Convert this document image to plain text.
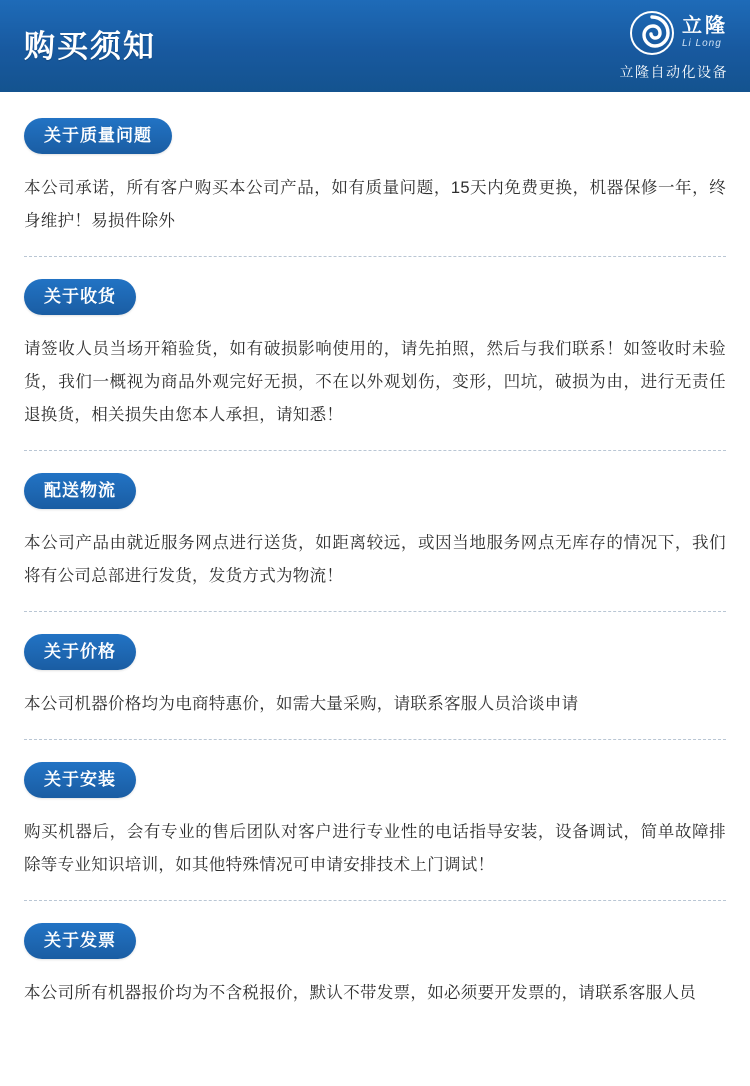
购买须知
立隆
Li Long
立隆自动化设备
关于质量问题

本公司承诺，所有客户购买本公司产品，如有质量问题，15天内免费更换，机器保修一年，终身维护！易损件除外

关于收货

请签收人员当场开箱验货，如有破损影响使用的，请先拍照，然后与我们联系！如签收时未验货，我们一概视为商品外观完好无损，不在以外观划伤，变形，凹坑，破损为由，进行无责任退换货，相关损失由您本人承担，请知悉！

配送物流

本公司产品由就近服务网点进行送货，如距离较远，或因当地服务网点无库存的情况下，我们将有公司总部进行发货，发货方式为物流！

关于价格

本公司机器价格均为电商特惠价，如需大量采购，请联系客服人员洽谈申请

关于安装

购买机器后，会有专业的售后团队对客户进行专业性的电话指导安装，设备调试，简单故障排除等专业知识培训，如其他特殊情况可申请安排技术上门调试！

关于发票

本公司所有机器报价均为不含税报价，默认不带发票，如必须要开发票的，请联系客服人员
